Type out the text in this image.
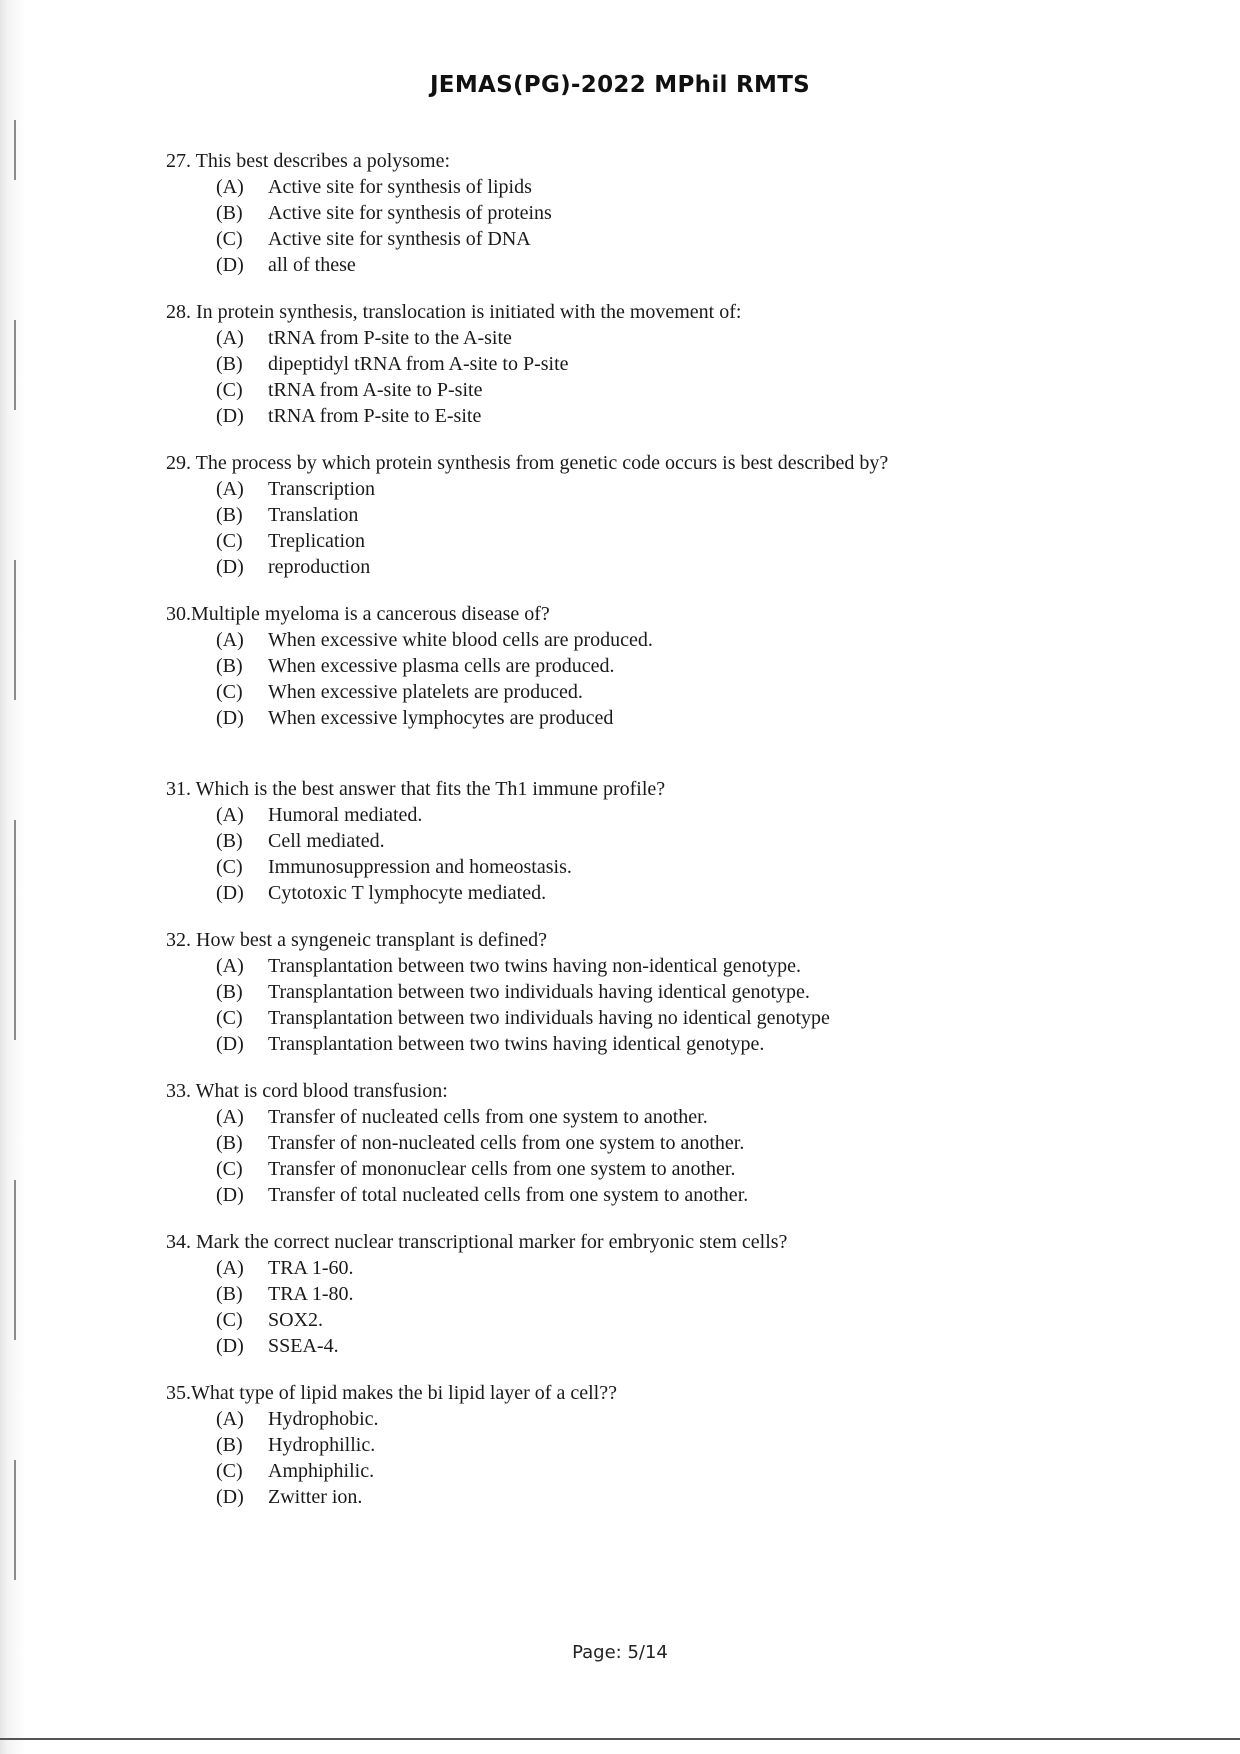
JEMAS(PG)-2022 MPhil RMTS
27. This best describes a polysome:
(A)	Active site for synthesis of lipids
(B)	Active site for synthesis of proteins
(C)	Active site for synthesis of DNA
(D)	all of these
28. In protein synthesis, translocation is initiated with the movement of:
(A)	tRNA from P-site to the A-site
(B)	dipeptidyl tRNA from A-site to P-site
(C)	tRNA from A-site to P-site
(D)	tRNA from P-site to E-site
29. The process by which protein synthesis from genetic code occurs is best described by?
(A)	Transcription
(B)	Translation
(C)	Treplication
(D)	reproduction
30.Multiple myeloma is a cancerous disease of?
(A)	When excessive white blood cells are produced.
(B)	When excessive plasma cells are produced.
(C)	When excessive platelets are produced.
(D)	When excessive lymphocytes are produced
31. Which is the best answer that fits the Th1 immune profile?
(A)	Humoral mediated.
(B)	Cell mediated.
(C)	Immunosuppression and homeostasis.
(D)	Cytotoxic T lymphocyte mediated.
32. How best a syngeneic transplant is defined?
(A)	Transplantation between two twins having non-identical genotype.
(B)	Transplantation between two individuals having identical genotype.
(C)	Transplantation between two individuals having no identical genotype
(D)	Transplantation between two twins having identical genotype.
33. What is cord blood transfusion:
(A)	Transfer of nucleated cells from one system to another.
(B)	Transfer of non-nucleated cells from one system to another.
(C)	Transfer of mononuclear cells from one system to another.
(D)	Transfer of total nucleated cells from one system to another.
34. Mark the correct nuclear transcriptional marker for embryonic stem cells?
(A)	TRA 1-60.
(B)	TRA 1-80.
(C)	SOX2.
(D)	SSEA-4.
35.What type of lipid makes the bi lipid layer of a cell??
(A)	Hydrophobic.
(B)	Hydrophillic.
(C)	Amphiphilic.
(D)	Zwitter ion.
Page: 5/14
